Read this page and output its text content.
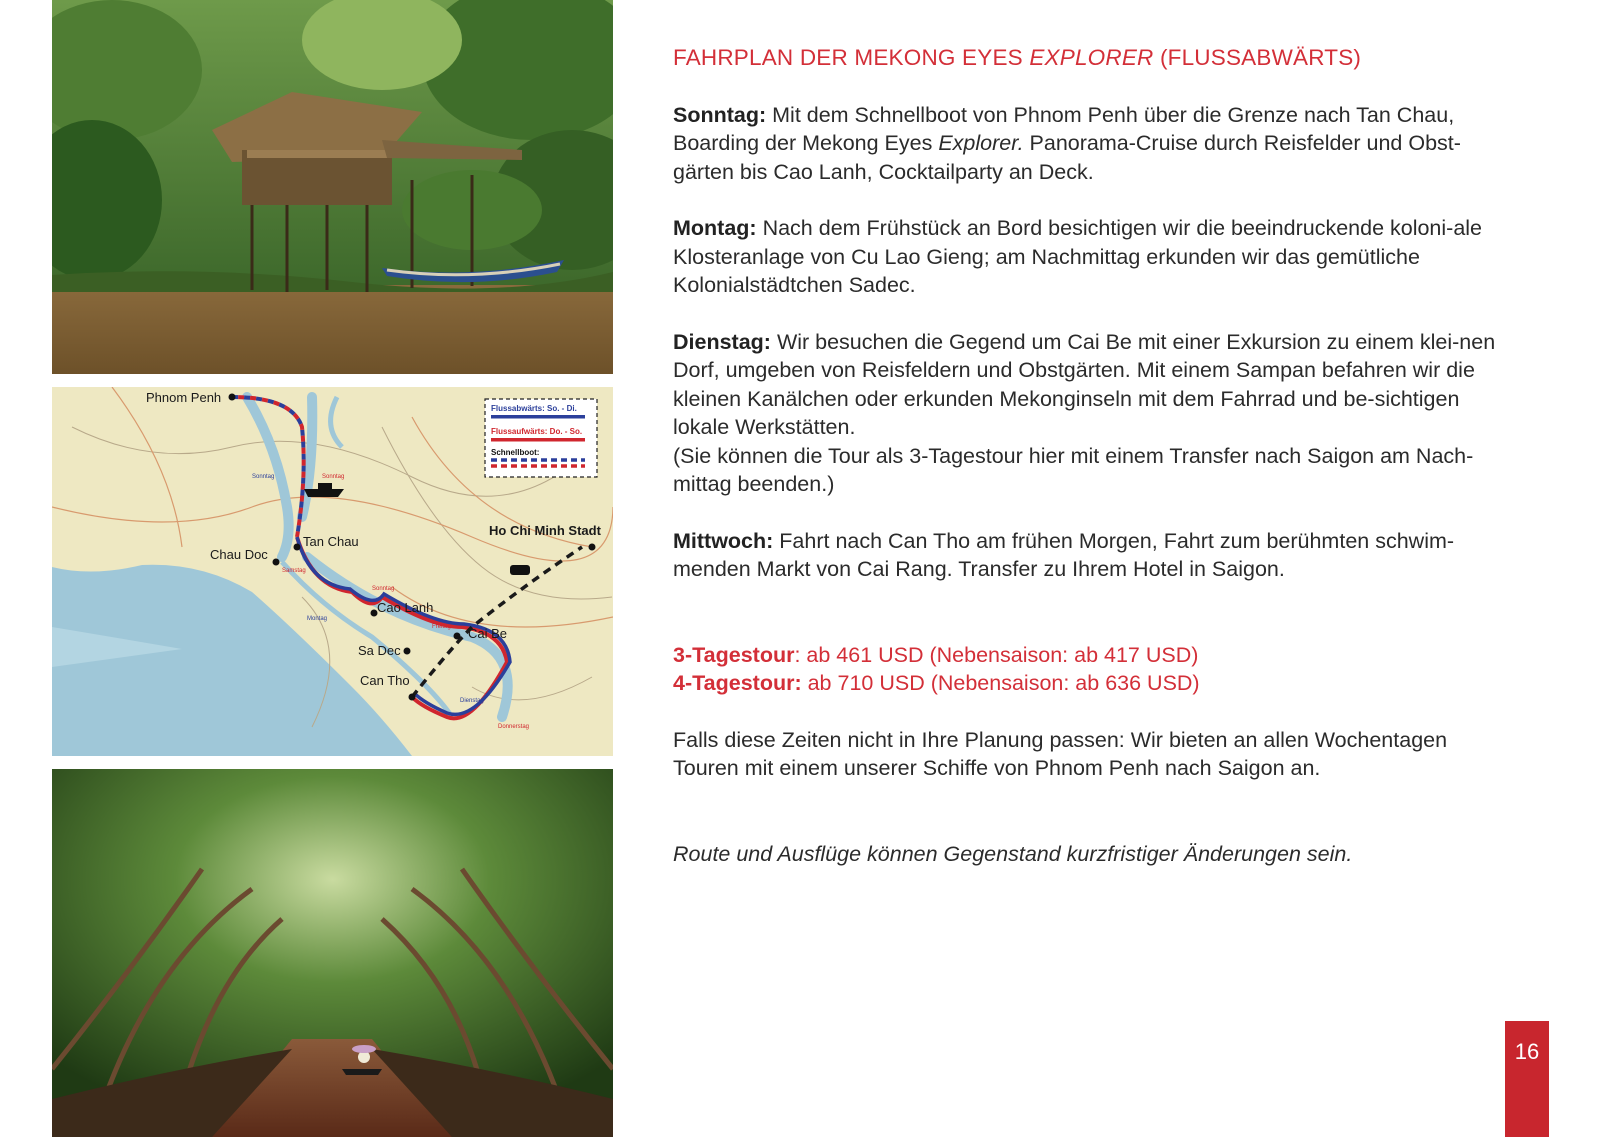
Phnom Penh
Tan Chau
Chau Doc
Cao Lanh
Sa Dec
Cai Be
Can Tho
Ho Chi Minh Stadt
Sonntag	Sonntag
Samstag
Sonntag
Montag
Freitag
Dienstag
Donnerstag
Flussabwärts: So. - Di.
Flussaufwärts: Do. - So.
Schnellboot:

FAHRPLAN DER MEKONG EYES EXPLORER (FLUSSABWÄRTS)

Sonntag: Mit dem Schnellboot von Phnom Penh über die Grenze nach Tan Chau, Boarding der Mekong Eyes Explorer. Panorama-Cruise durch Reisfelder und Obst-gärten bis Cao Lanh, Cocktailparty an Deck.

Montag: Nach dem Frühstück an Bord besichtigen wir die beeindruckende koloni-ale Klosteranlage von Cu Lao Gieng; am Nachmittag erkunden wir das gemütliche Kolonialstädtchen Sadec.

Dienstag: Wir besuchen die Gegend um Cai Be mit einer Exkursion zu einem klei-nen Dorf, umgeben von Reisfeldern und Obstgärten. Mit einem Sampan befahren wir die kleinen Kanälchen oder erkunden Mekonginseln mit dem Fahrrad und be-sichtigen lokale Werkstätten.
(Sie können die Tour als 3-Tagestour hier mit einem Transfer nach Saigon am Nach-mittag beenden.)

Mittwoch: Fahrt nach Can Tho am frühen Morgen, Fahrt zum berühmten schwim-menden Markt von Cai Rang. Transfer zu Ihrem Hotel in Saigon.

3-Tagestour: ab 461 USD (Nebensaison: ab 417 USD)

4-Tagestour: ab 710 USD (Nebensaison: ab 636 USD)

Falls diese Zeiten nicht in Ihre Planung passen: Wir bieten an allen Wochentagen Touren mit einem unserer Schiffe von Phnom Penh nach Saigon an.

Route und Ausflüge können Gegenstand kurzfristiger Änderungen sein.

16
